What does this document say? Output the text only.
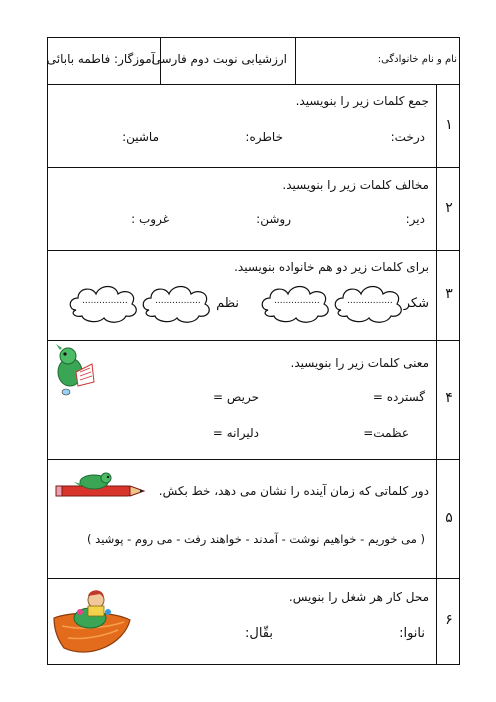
نام و نام خانوادگی:
ارزشیابی نوبت دوم فارسی
آموزگار: فاطمه بابائی
۱
۲
۳
۴
۵
۶
جمع کلمات زیر را بنویسید.
درخت:
خاطره:
ماشین:
مخالف کلمات زیر را بنویسید.
دیر:
روشن:
غروب :
برای کلمات زیر دو هم خانواده بنویسید.
شکر
نظم	................
................
................
................
معنی کلمات زیر را بنویسید.
گسترده =
حریص =
عظمت=
دلیرانه =
دور کلماتی که زمان آینده را نشان می دهد، خط بکش.
( می خوریم - خواهیم نوشت - آمدند - خواهند رفت - می روم - پوشید )
محل کار هر شغل را بنویس.
نانوا:
بقّال:
